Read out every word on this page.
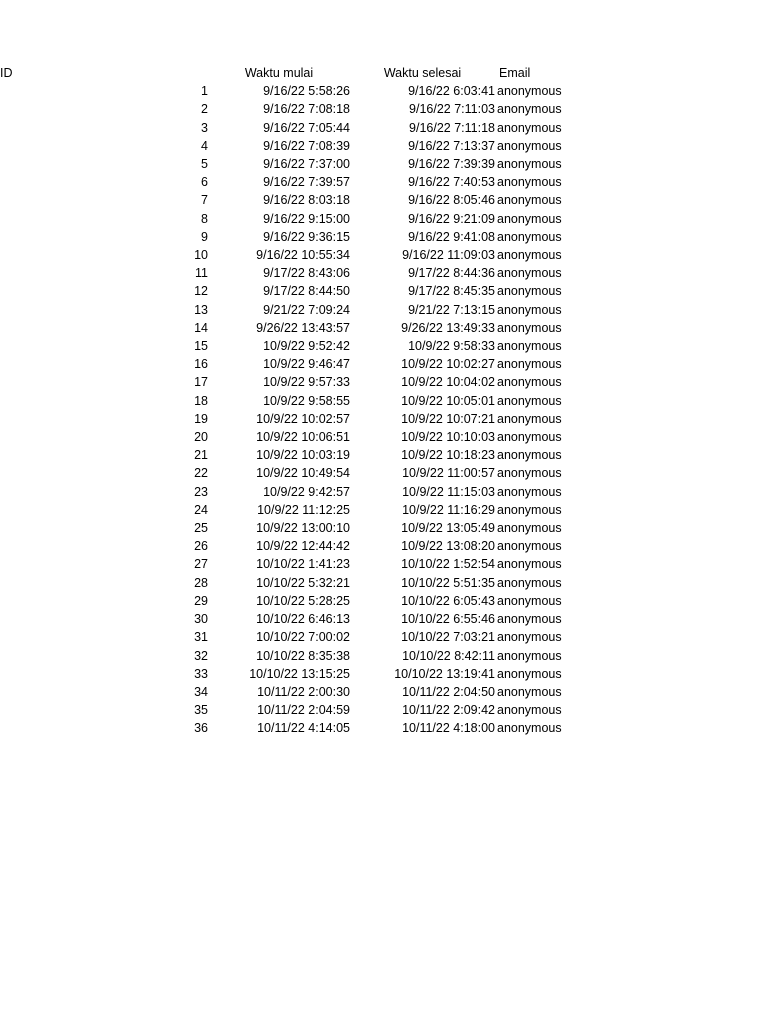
ID		Waktu mulai	Waktu selesai	Email
	1	9/16/22 5:58:26	9/16/22 6:03:41	anonymous
	2	9/16/22 7:08:18	9/16/22 7:11:03	anonymous
	3	9/16/22 7:05:44	9/16/22 7:11:18	anonymous
	4	9/16/22 7:08:39	9/16/22 7:13:37	anonymous
	5	9/16/22 7:37:00	9/16/22 7:39:39	anonymous
	6	9/16/22 7:39:57	9/16/22 7:40:53	anonymous
	7	9/16/22 8:03:18	9/16/22 8:05:46	anonymous
	8	9/16/22 9:15:00	9/16/22 9:21:09	anonymous
	9	9/16/22 9:36:15	9/16/22 9:41:08	anonymous
	10	9/16/22 10:55:34	9/16/22 11:09:03	anonymous
	11	9/17/22 8:43:06	9/17/22 8:44:36	anonymous
	12	9/17/22 8:44:50	9/17/22 8:45:35	anonymous
	13	9/21/22 7:09:24	9/21/22 7:13:15	anonymous
	14	9/26/22 13:43:57	9/26/22 13:49:33	anonymous
	15	10/9/22 9:52:42	10/9/22 9:58:33	anonymous
	16	10/9/22 9:46:47	10/9/22 10:02:27	anonymous
	17	10/9/22 9:57:33	10/9/22 10:04:02	anonymous
	18	10/9/22 9:58:55	10/9/22 10:05:01	anonymous
	19	10/9/22 10:02:57	10/9/22 10:07:21	anonymous
	20	10/9/22 10:06:51	10/9/22 10:10:03	anonymous
	21	10/9/22 10:03:19	10/9/22 10:18:23	anonymous
	22	10/9/22 10:49:54	10/9/22 11:00:57	anonymous
	23	10/9/22 9:42:57	10/9/22 11:15:03	anonymous
	24	10/9/22 11:12:25	10/9/22 11:16:29	anonymous
	25	10/9/22 13:00:10	10/9/22 13:05:49	anonymous
	26	10/9/22 12:44:42	10/9/22 13:08:20	anonymous
	27	10/10/22 1:41:23	10/10/22 1:52:54	anonymous
	28	10/10/22 5:32:21	10/10/22 5:51:35	anonymous
	29	10/10/22 5:28:25	10/10/22 6:05:43	anonymous
	30	10/10/22 6:46:13	10/10/22 6:55:46	anonymous
	31	10/10/22 7:00:02	10/10/22 7:03:21	anonymous
	32	10/10/22 8:35:38	10/10/22 8:42:11	anonymous
	33	10/10/22 13:15:25	10/10/22 13:19:41	anonymous
	34	10/11/22 2:00:30	10/11/22 2:04:50	anonymous
	35	10/11/22 2:04:59	10/11/22 2:09:42	anonymous
	36	10/11/22 4:14:05	10/11/22 4:18:00	anonymous
